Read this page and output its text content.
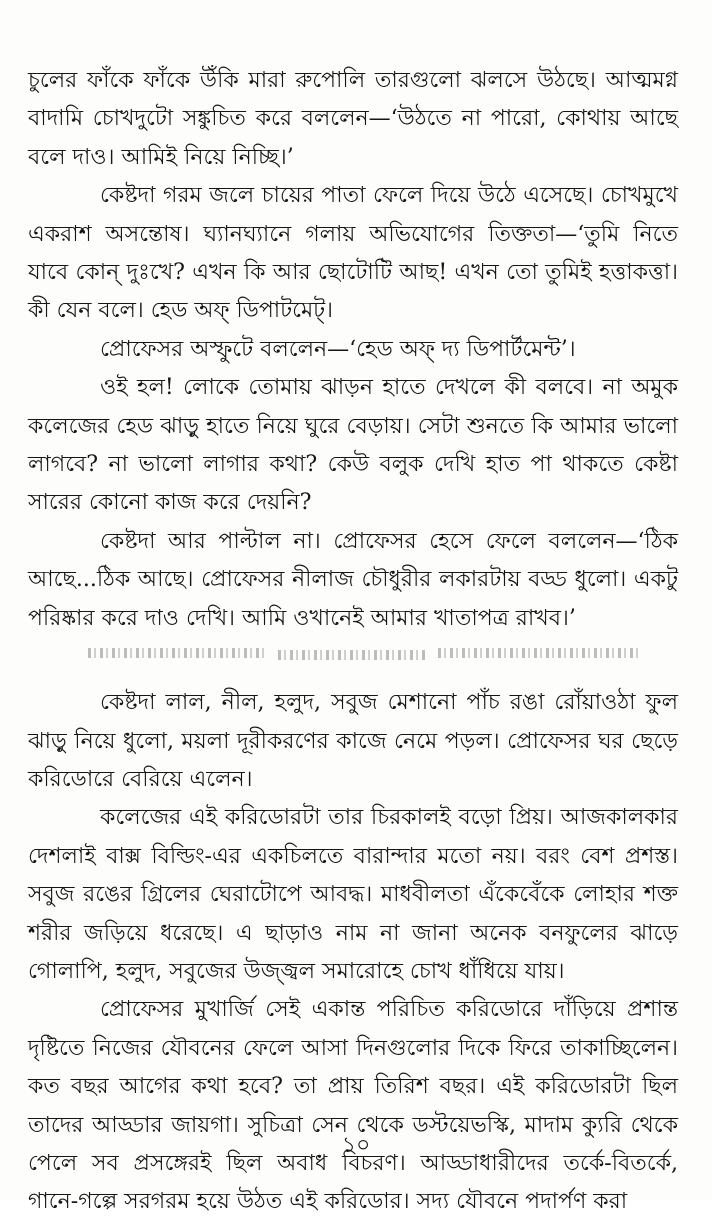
চুলের ফাঁকে ফাঁকে উঁকি মারা রুপোলি তারগুলো ঝলসে উঠছে। আত্মমগ্ন বাদামি চোখদুটো সঙ্কুচিত করে বললেন—‘উঠতে না পারো, কোথায় আছে বলে দাও। আমিই নিয়ে নিচ্ছি।’

কেষ্টদা গরম জলে চায়ের পাতা ফেলে দিয়ে উঠে এসেছে। চোখমুখে একরাশ অসন্তোষ। ঘ্যানঘ্যানে গলায় অভিযোগের তিক্ততা—‘তুমি নিতে যাবে কোন্ দুঃখে? এখন কি আর ছোটোটি আছ! এখন তো তুমিই হত্তাকত্তা। কী যেন বলে। হেড অফ্ ডিপাটমেট্।

প্রোফেসর অস্ফুটে বললেন—‘হেড অফ্ দ্য ডিপার্টমেন্ট’।

ওই হল! লোকে তোমায় ঝাড়ন হাতে দেখলে কী বলবে। না অমুক কলেজের হেড ঝাড়ু হাতে নিয়ে ঘুরে বেড়ায়। সেটা শুনতে কি আমার ভালো লাগবে? না ভালো লাগার কথা? কেউ বলুক দেখি হাত পা থাকতে কেষ্টা সারের কোনো কাজ করে দেয়নি?

কেষ্টদা আর পাল্টাল না। প্রোফেসর হেসে ফেলে বললেন—‘ঠিক আছে...ঠিক আছে। প্রোফেসর নীলাজ চৌধুরীর লকারটায় বড্ড ধুলো। একটু পরিষ্কার করে দাও দেখি। আমি ওখানেই আমার খাতাপত্র রাখব।’

কেষ্টদা লাল, নীল, হলুদ, সবুজ মেশানো পাঁচ রঙা রোঁয়াওঠা ফুল ঝাড়ু নিয়ে ধুলো, ময়লা দূরীকরণের কাজে নেমে পড়ল। প্রোফেসর ঘর ছেড়ে করিডোরে বেরিয়ে এলেন।

কলেজের এই করিডোরটা তার চিরকালই বড়ো প্রিয়। আজকালকার দেশলাই বাক্স বিল্ডিং-এর একচিলতে বারান্দার মতো নয়। বরং বেশ প্রশস্ত। সবুজ রঙের গ্রিলের ঘেরাটোপে আবদ্ধ। মাধবীলতা এঁকেবেঁকে লোহার শক্ত শরীর জড়িয়ে ধরেছে। এ ছাড়াও নাম না জানা অনেক বনফুলের ঝাড়ে গোলাপি, হলুদ, সবুজের উজ্জ্বল সমারোহে চোখ ধাঁধিয়ে যায়।

প্রোফেসর মুখার্জি সেই একান্ত পরিচিত করিডোরে দাঁড়িয়ে প্রশান্ত দৃষ্টিতে নিজের যৌবনের ফেলে আসা দিনগুলোর দিকে ফিরে তাকাচ্ছিলেন। কত বছর আগের কথা হবে? তা প্রায় তিরিশ বছর। এই করিডোরটা ছিল তাদের আড্ডার জায়গা। সুচিত্রা সেন থেকে ডস্টয়েভস্কি, মাদাম ক্যুরি থেকে পেলে সব প্রসঙ্গেরই ছিল অবাধ বিচরণ। আড্ডাধারীদের তর্কে-বিতর্কে, গানে-গল্পে সরগরম হয়ে উঠত এই করিডোর। সদ্য যৌবনে পদার্পণ করা

১০
